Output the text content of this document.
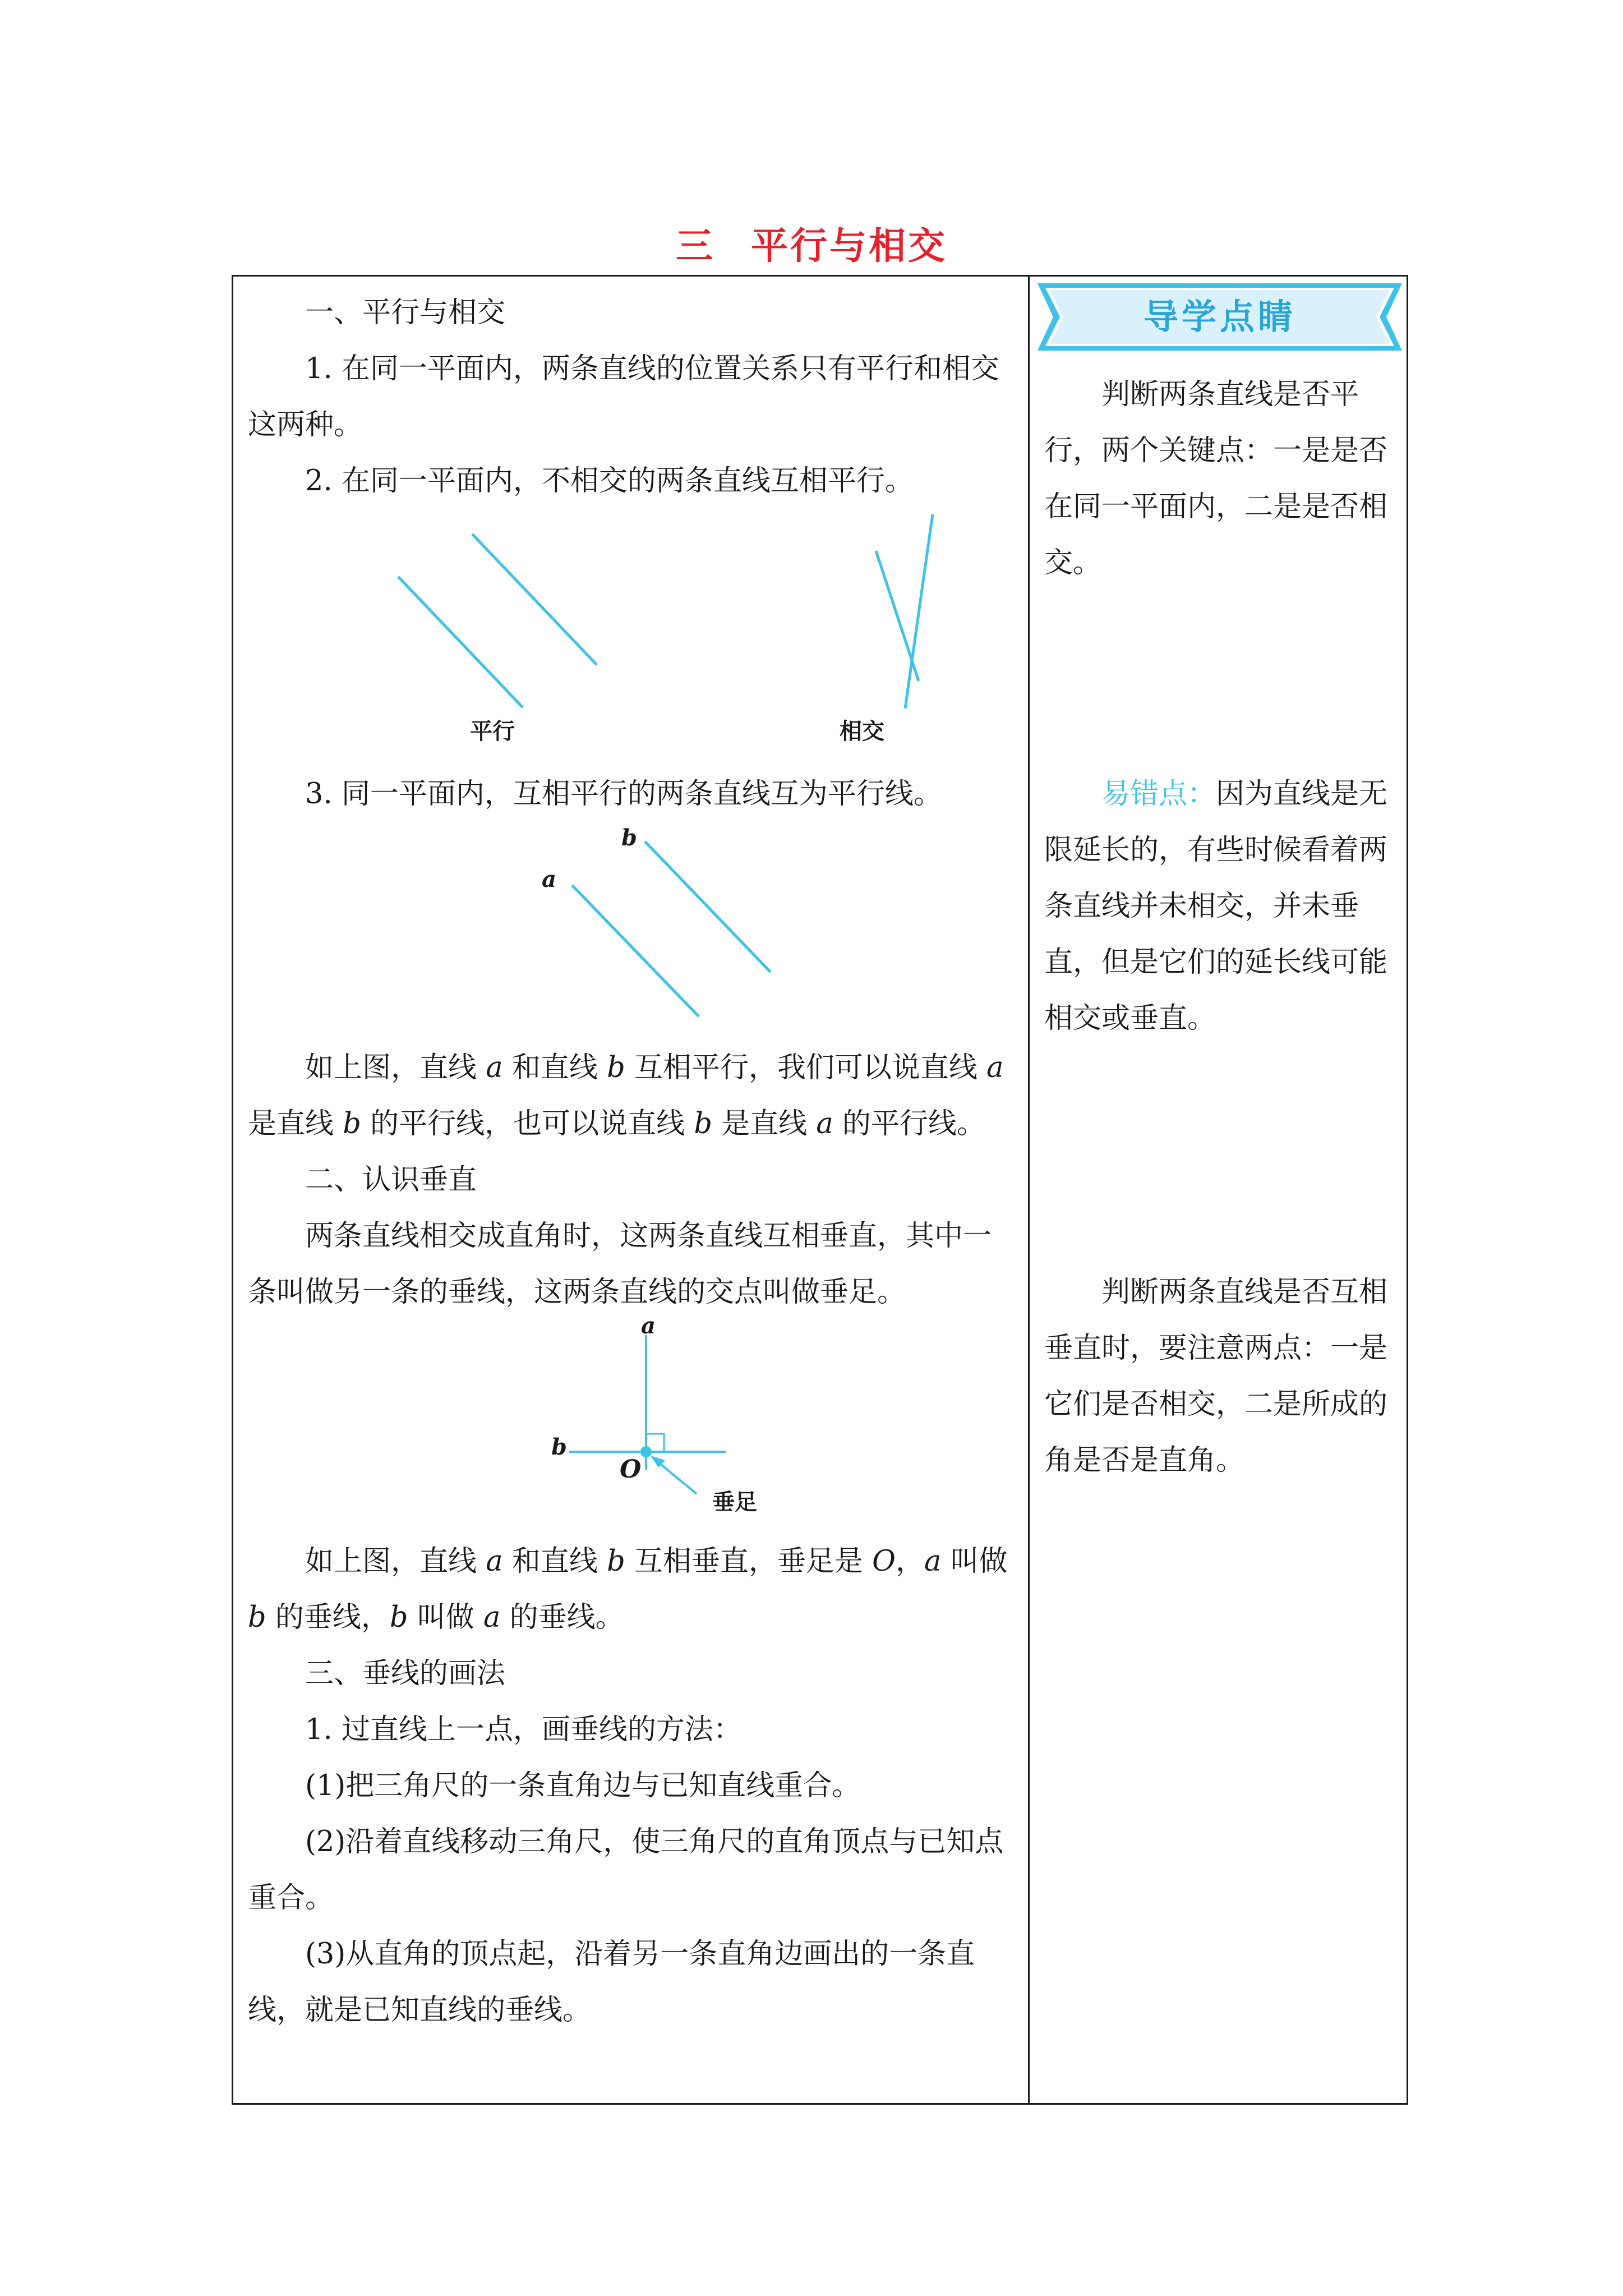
三 平行与相交

一、平行与相交

1. 在同一平面内，两条直线的位置关系只有平行和相交这两种。

2. 在同一平面内，不相交的两条直线互相平行。

平行	相交

3. 同一平面内，互相平行的两条直线互为平行线。

a
b

如上图，直线 a 和直线 b 互相平行，我们可以说直线 a 是直线 b 的平行线，也可以说直线 b 是直线 a 的平行线。

二、认识垂直

两条直线相交成直角时，这两条直线互相垂直，其中一条叫做另一条的垂线，这两条直线的交点叫做垂足。

a
b
O
垂足

如上图，直线 a 和直线 b 互相垂直，垂足是 O，a 叫做 b 的垂线，b 叫做 a 的垂线。

三、垂线的画法

1. 过直线上一点，画垂线的方法：

(1)把三角尺的一条直角边与已知直线重合。

(2)沿着直线移动三角尺，使三角尺的直角顶点与已知点重合。

(3)从直角的顶点起，沿着另一条直角边画出的一条直线，就是已知直线的垂线。

导学点睛

判断两条直线是否平行，两个关键点：一是是否在同一平面内，二是是否相交。

易错点：因为直线是无限延长的，有些时候看着两条直线并未相交，并未垂直，但是它们的延长线可能相交或垂直。

判断两条直线是否互相垂直时，要注意两点：一是它们是否相交，二是所成的角是否是直角。
